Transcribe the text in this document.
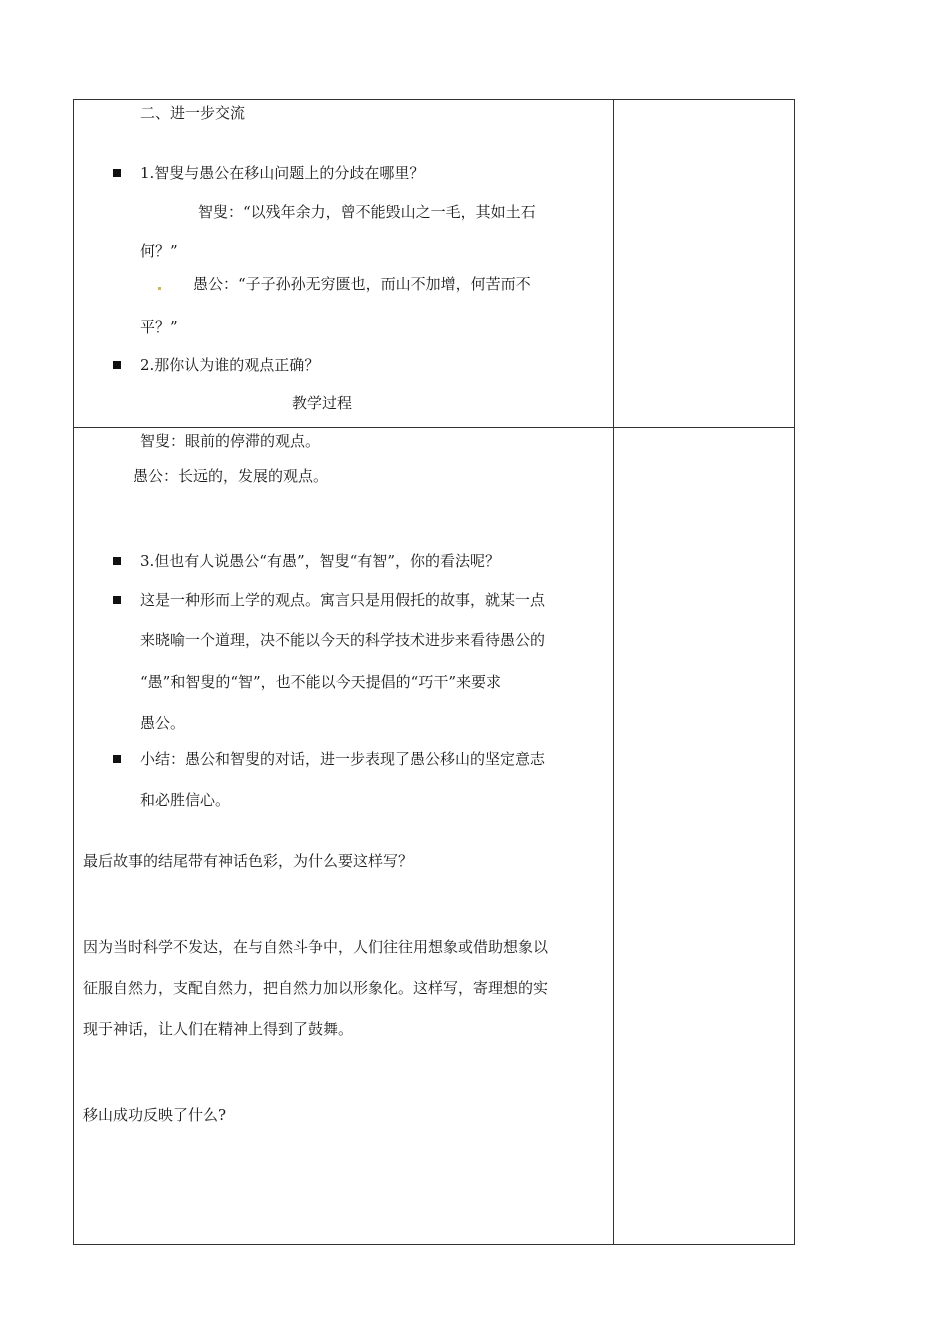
二、进一步交流
1.智叟与愚公在移山问题上的分歧在哪里？
智叟：“以残年余力，曾不能毁山之一毛，其如土石
何？”
愚公：“子子孙孙无穷匮也，而山不加增，何苦而不
平？”
2.那你认为谁的观点正确？
教学过程
智叟：眼前的停滞的观点。
愚公：长远的，发展的观点。
3.但也有人说愚公“有愚”，智叟“有智”，你的看法呢？
这是一种形而上学的观点。寓言只是用假托的故事，就某一点
来晓喻一个道理，决不能以今天的科学技术进步来看待愚公的
“愚”和智叟的“智”，也不能以今天提倡的“巧干”来要求
愚公。
小结：愚公和智叟的对话，进一步表现了愚公移山的坚定意志
和必胜信心。
最后故事的结尾带有神话色彩，为什么要这样写？
因为当时科学不发达，在与自然斗争中，人们往往用想象或借助想象以
征服自然力，支配自然力，把自然力加以形象化。这样写，寄理想的实
现于神话，让人们在精神上得到了鼓舞。
移山成功反映了什么?
